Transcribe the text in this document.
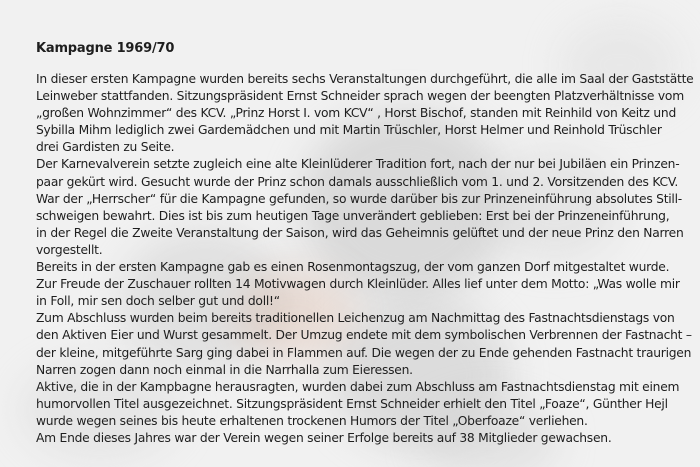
Kampagne 1969/70
In dieser ersten Kampagne wurden bereits sechs Veranstaltungen durchgeführt, die alle im Saal der Gaststätte
Leinweber stattfanden. Sitzungspräsident Ernst Schneider sprach wegen der beengten Platzverhältnisse vom
„großen Wohnzimmer“ des KCV. „Prinz Horst I. vom KCV“ , Horst Bischof, standen mit Reinhild von Keitz und
Sybilla Mihm lediglich zwei Gardemädchen und mit Martin Trüschler, Horst Helmer und Reinhold Trüschler
drei Gardisten zu Seite.
Der Karnevalverein setzte zugleich eine alte Kleinlüderer Tradition fort, nach der nur bei Jubiläen ein Prinzen-
paar gekürt wird. Gesucht wurde der Prinz schon damals ausschließlich vom 1. und 2. Vorsitzenden des KCV.
War der „Herrscher“ für die Kampagne gefunden, so wurde darüber bis zur Prinzeneinführung absolutes Still-
schweigen bewahrt. Dies ist bis zum heutigen Tage unverändert geblieben: Erst bei der Prinzeneinführung,
in der Regel die Zweite Veranstaltung der Saison, wird das Geheimnis gelüftet und der neue Prinz den Narren
vorgestellt.
Bereits in der ersten Kampagne gab es einen Rosenmontagszug, der vom ganzen Dorf mitgestaltet wurde.
Zur Freude der Zuschauer rollten 14 Motivwagen durch Kleinlüder. Alles lief unter dem Motto: „Was wolle mir
in Foll, mir sen doch selber gut und doll!“
Zum Abschluss wurden beim bereits traditionellen Leichenzug am Nachmittag des Fastnachtsdienstags von
den Aktiven Eier und Wurst gesammelt. Der Umzug endete mit dem symbolischen Verbrennen der Fastnacht –
der kleine, mitgeführte Sarg ging dabei in Flammen auf. Die wegen der zu Ende gehenden Fastnacht traurigen
Narren zogen dann noch einmal in die Narrhalla zum Eieressen.
Aktive, die in der Kampbagne herausragten, wurden dabei zum Abschluss am Fastnachtsdienstag mit einem
humorvollen Titel ausgezeichnet. Sitzungspräsident Ernst Schneider erhielt den Titel „Foaze“, Günther Hejl
wurde wegen seines bis heute erhaltenen trockenen Humors der Titel „Oberfoaze“ verliehen.
Am Ende dieses Jahres war der Verein wegen seiner Erfolge bereits auf 38 Mitglieder gewachsen.
